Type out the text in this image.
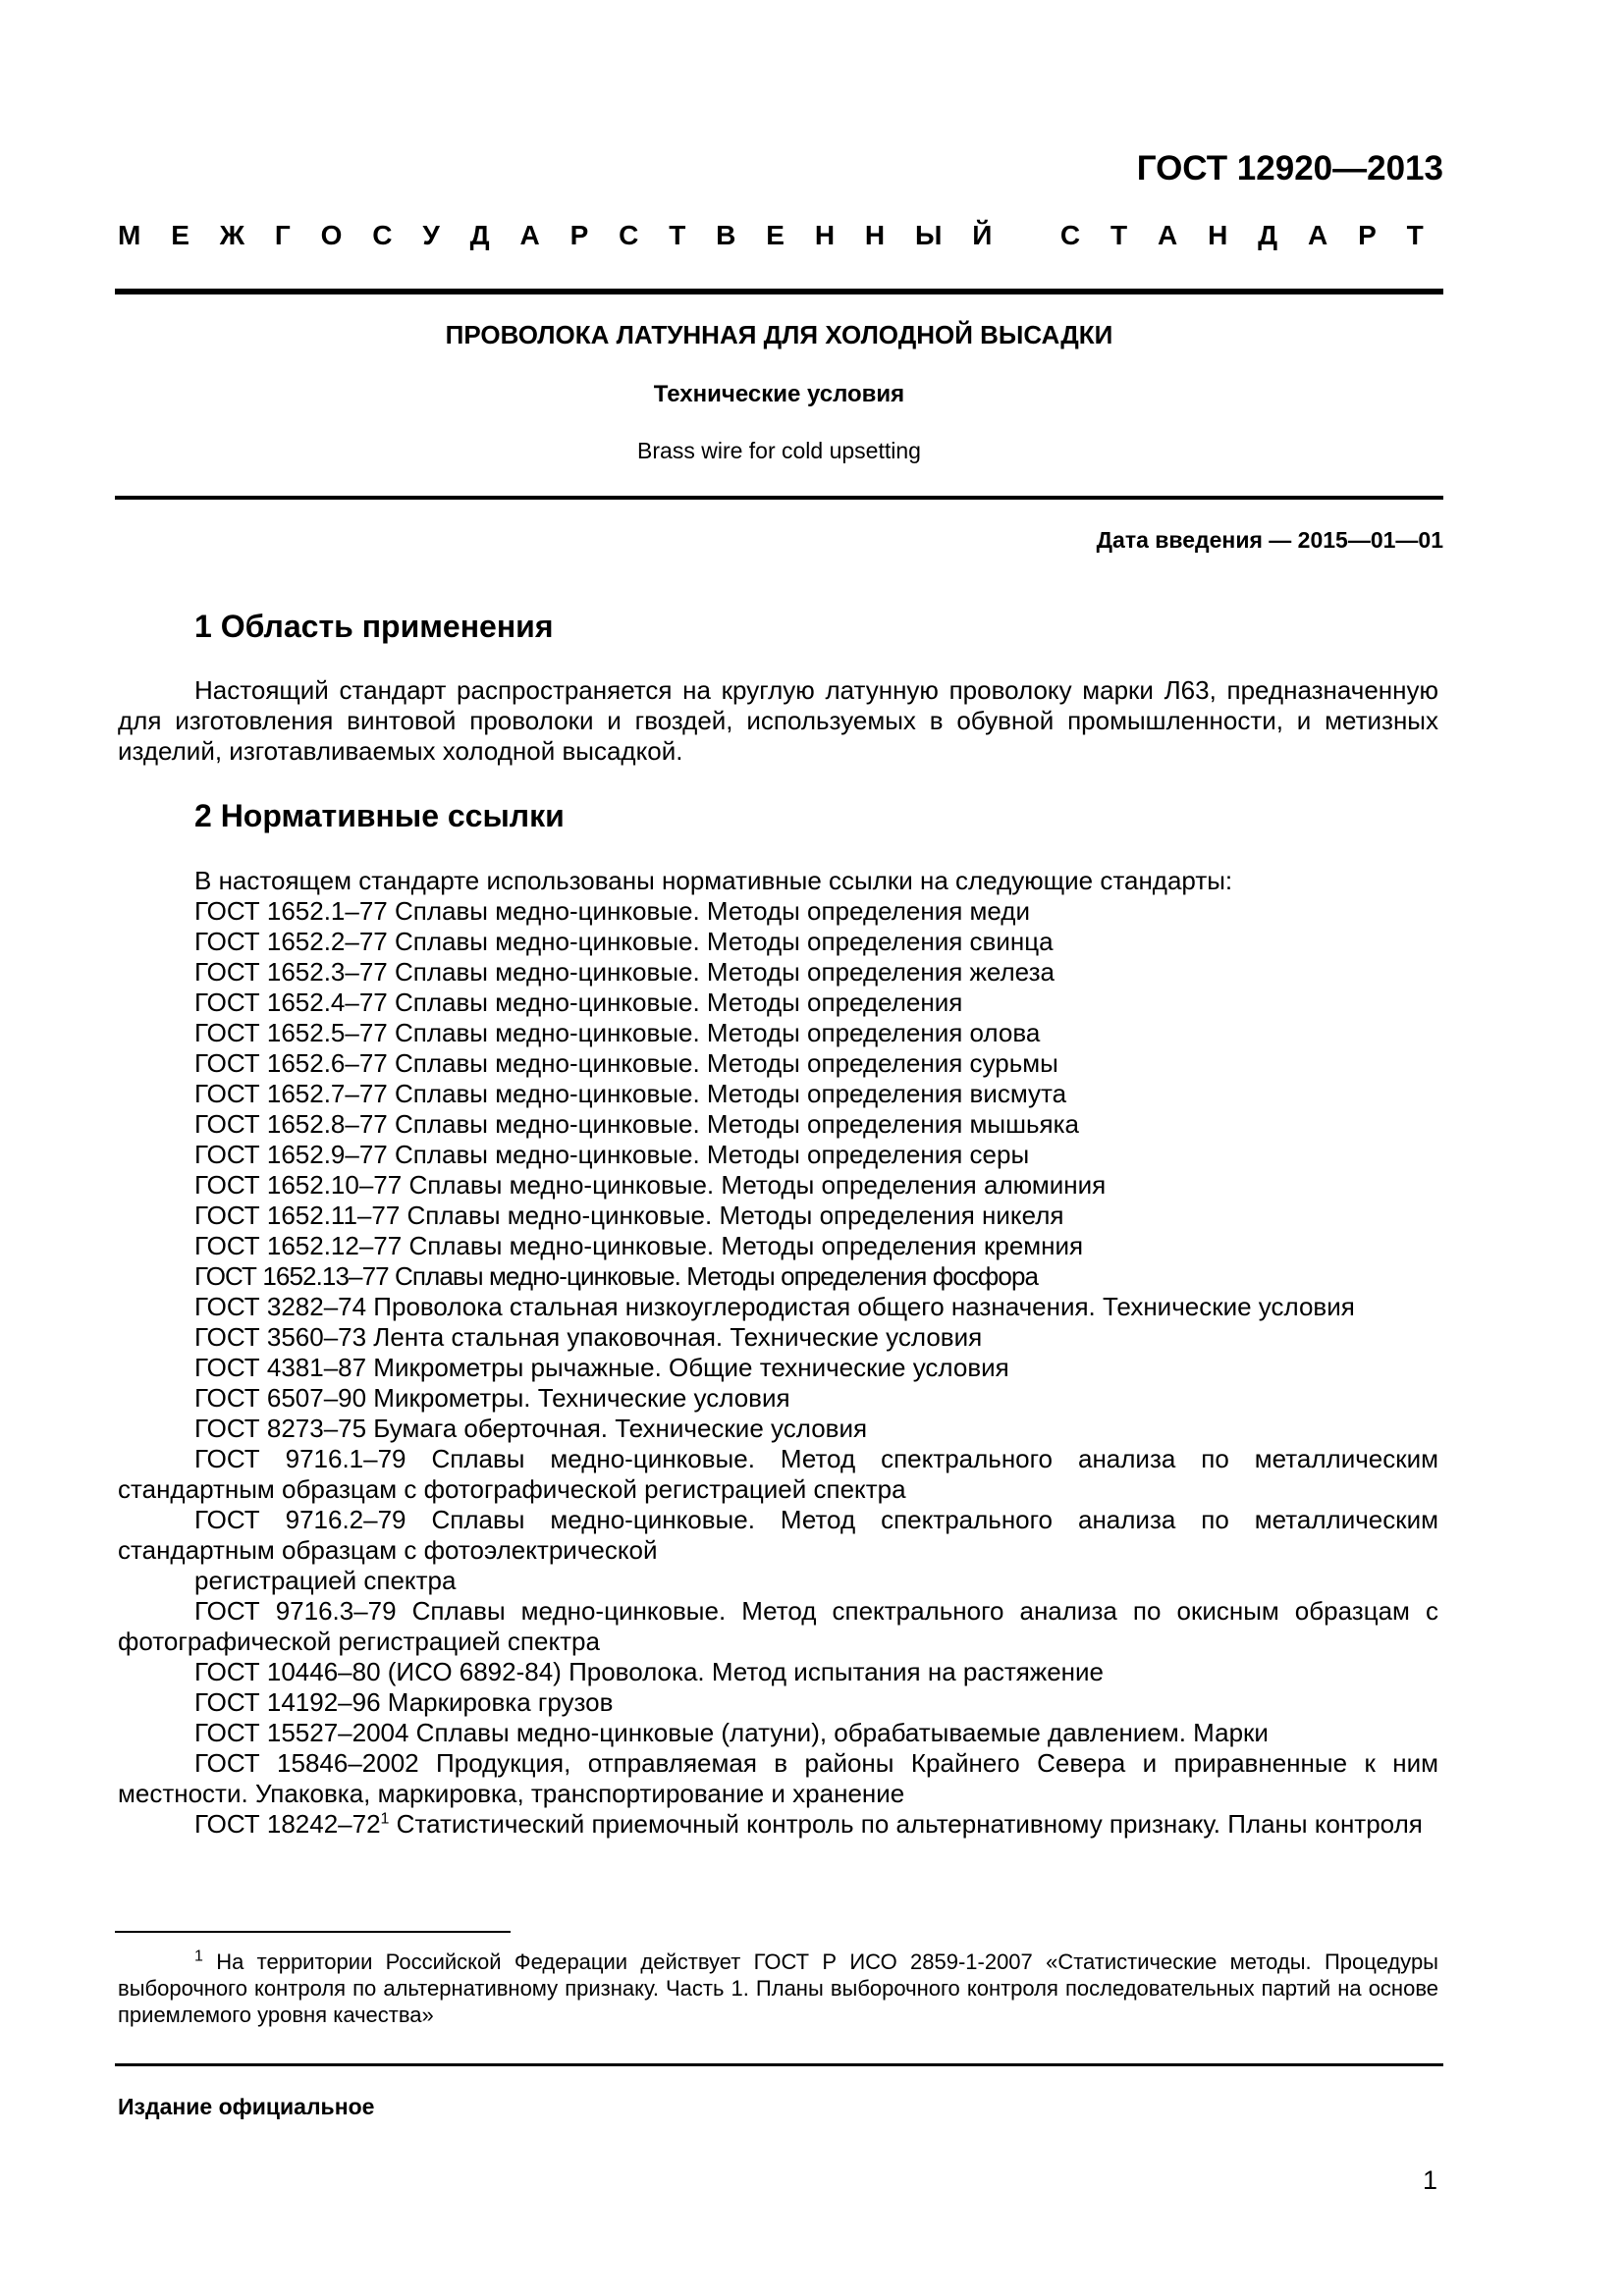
ГОСТ 12920—2013
М Е Ж Г О С У Д А Р С Т В Е Н Н Ы Й
С Т А Н Д А Р Т
ПРОВОЛОКА ЛАТУННАЯ ДЛЯ ХОЛОДНОЙ ВЫСАДКИ
Технические условия
Brass wire for cold upsetting
Дата введения — 2015—01—01
1 Область применения

Настоящий стандарт распространяется на круглую латунную проволоку марки Л63, предназначенную для изготовления винтовой проволоки и гвоздей, используемых в обувной промышленности, и метизных изделий, изготавливаемых холодной высадкой.

2 Нормативные ссылки

В настоящем стандарте использованы нормативные ссылки на следующие стандарты:

ГОСТ 1652.1–77 Сплавы медно-цинковые. Методы определения меди

ГОСТ 1652.2–77 Сплавы медно-цинковые. Методы определения свинца

ГОСТ 1652.3–77 Сплавы медно-цинковые. Методы определения железа

ГОСТ 1652.4–77 Сплавы медно-цинковые. Методы определения

ГОСТ 1652.5–77 Сплавы медно-цинковые. Методы определения олова

ГОСТ 1652.6–77 Сплавы медно-цинковые. Методы определения сурьмы

ГОСТ 1652.7–77 Сплавы медно-цинковые. Методы определения висмута

ГОСТ 1652.8–77 Сплавы медно-цинковые. Методы определения мышьяка

ГОСТ 1652.9–77 Сплавы медно-цинковые. Методы определения серы

ГОСТ 1652.10–77 Сплавы медно-цинковые. Методы определения алюминия

ГОСТ 1652.11–77 Сплавы медно-цинковые. Методы определения никеля

ГОСТ 1652.12–77 Сплавы медно-цинковые. Методы определения кремния

ГОСТ 1652.13–77 Сплавы медно-цинковые. Методы определения фосфора

ГОСТ 3282–74 Проволока стальная низкоуглеродистая общего назначения. Технические условия

ГОСТ 3560–73 Лента стальная упаковочная. Технические условия

ГОСТ 4381–87 Микрометры рычажные. Общие технические условия

ГОСТ 6507–90 Микрометры. Технические условия

ГОСТ 8273–75 Бумага оберточная. Технические условия

ГОСТ 9716.1–79 Сплавы медно-цинковые. Метод спектрального анализа по металлическим стандартным образцам с фотографической регистрацией спектра

ГОСТ 9716.2–79 Сплавы медно-цинковые. Метод спектрального анализа по металлическим стандартным образцам с фотоэлектрической

регистрацией спектра

ГОСТ 9716.3–79 Сплавы медно-цинковые. Метод спектрального анализа по окисным образцам с фотографической регистрацией спектра

ГОСТ 10446–80 (ИСО 6892-84) Проволока. Метод испытания на растяжение

ГОСТ 14192–96 Маркировка грузов

ГОСТ 15527–2004 Сплавы медно-цинковые (латуни), обрабатываемые давлением. Марки

ГОСТ 15846–2002 Продукция, отправляемая в районы Крайнего Севера и приравненные к ним местности. Упаковка, маркировка, транспортирование и хранение

ГОСТ $18242-72^1$ Статистический приемочный контроль по альтернативному признаку. Планы контроля

$^1$ На территории Российской Федерации действует ГОСТ Р ИСО 2859-1-2007 «Статистические методы. Процедуры выборочного контроля по альтернативному признаку. Часть 1. Планы выборочного контроля последовательных партий на основе приемлемого уровня качества»

Издание официальное
1
